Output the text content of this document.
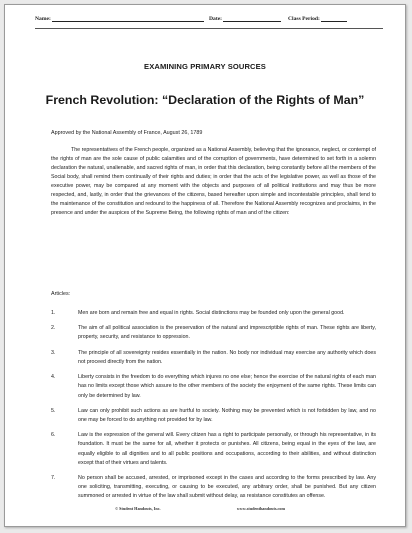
Name:	Date:	Class Period:
EXAMINING PRIMARY SOURCES
French Revolution: “Declaration of the Rights of Man”
Approved by the National Assembly of France, August 26, 1789
The representatives of the French people, organized as a National Assembly, believing that the ignorance, neglect, or contempt of the rights of man are the sole cause of public calamities and of the corruption of governments, have determined to set forth in a solemn declaration the natural, unalienable, and sacred rights of man, in order that this declaration, being constantly before all the members of the Social body, shall remind them continually of their rights and duties; in order that the acts of the legislative power, as well as those of the executive power, may be compared at any moment with the objects and purposes of all political institutions and may thus be more respected, and, lastly, in order that the grievances of the citizens, based hereafter upon simple and incontestable principles, shall tend to the maintenance of the constitution and redound to the happiness of all. Therefore the National Assembly recognizes and proclaims, in the presence and under the auspices of the Supreme Being, the following rights of man and of the citizen:
Articles:
1.	Men are born and remain free and equal in rights. Social distinctions may be founded only upon the general good.
2.	The aim of all political association is the preservation of the natural and imprescriptible rights of man. These rights are liberty, property, security, and resistance to oppression.
3.	The principle of all sovereignty resides essentially in the nation. No body nor individual may exercise any authority which does not proceed directly from the nation.
4.	Liberty consists in the freedom to do everything which injures no one else; hence the exercise of the natural rights of each man has no limits except those which assure to the other members of the society the enjoyment of the same rights. These limits can only be determined by law.
5.	Law can only prohibit such actions as are hurtful to society. Nothing may be prevented which is not forbidden by law, and no one may be forced to do anything not provided for by law.
6.	Law is the expression of the general will. Every citizen has a right to participate personally, or through his representative, in its foundation. It must be the same for all, whether it protects or punishes. All citizens, being equal in the eyes of the law, are equally eligible to all dignities and to all public positions and occupations, according to their abilities, and without distinction except that of their virtues and talents.
7.	No person shall be accused, arrested, or imprisoned except in the cases and according to the forms prescribed by law. Any one soliciting, transmitting, executing, or causing to be executed, any arbitrary order, shall be punished. But any citizen summoned or arrested in virtue of the law shall submit without delay, as resistance constitutes an offense.
© Student Handouts, Inc.	www.studenthandouts.com
